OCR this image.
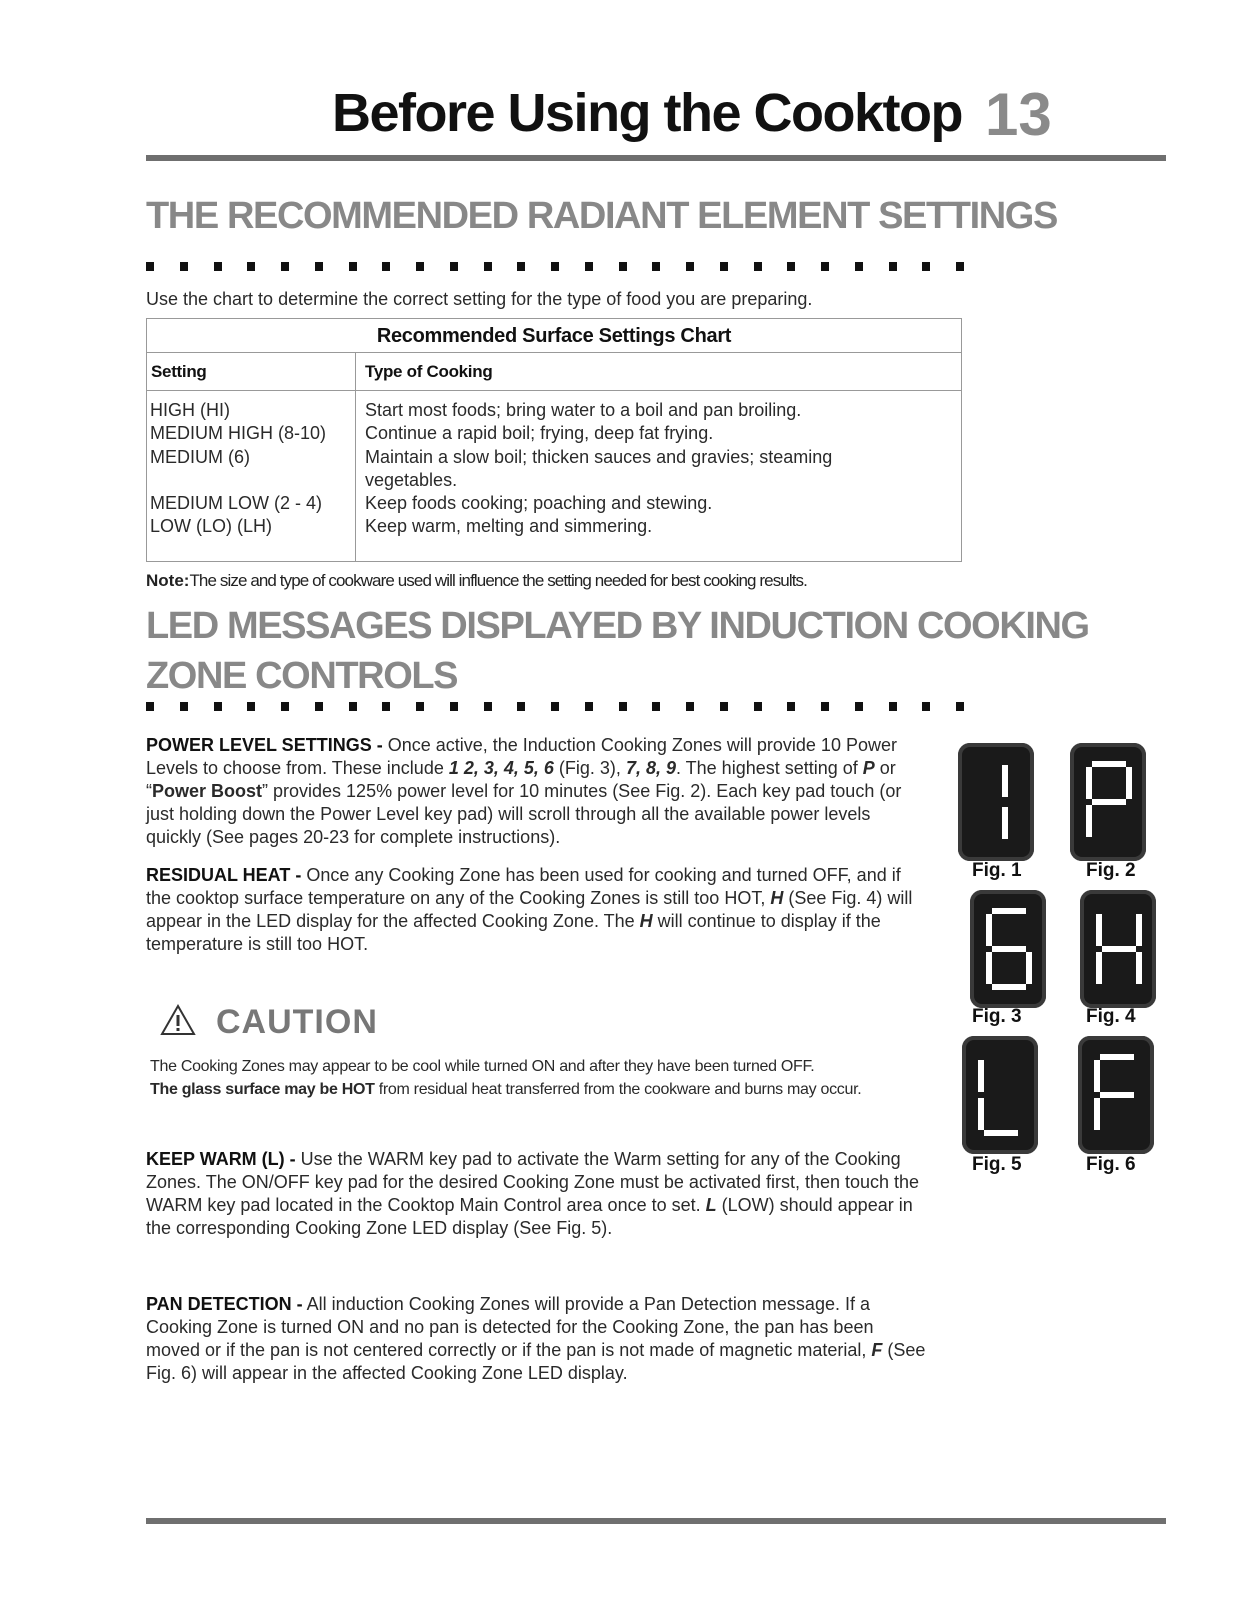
Before Using the Cooktop 13
THE RECOMMENDED RADIANT ELEMENT SETTINGS
Use the chart to determine the correct setting for the type of food you are preparing.
Recommended Surface Settings Chart
Setting	Type of Cooking
HIGH (HI)	Start most foods; bring water to a boil and pan broiling.
MEDIUM HIGH (8-10) Continue a rapid boil; frying, deep fat frying.
MEDIUM (6)	Maintain a slow boil; thicken sauces and gravies; steaming
vegetables.
MEDIUM LOW (2 - 4) Keep foods cooking; poaching and stewing.
LOW (LO) (LH)	Keep warm, melting and simmering.
Note:The size and type of cookware used will influence the setting needed for best cooking results.
LED MESSAGES DISPLAYED BY INDUCTION COOKING
ZONE CONTROLS
POWER LEVEL SETTINGS - Once active, the Induction Cooking Zones will provide 10 Power Levels to choose from. These include 1 2, 3, 4, 5, 6 (Fig. 3), 7, 8, 9. The highest setting of P or “Power Boost” provides 125% power level for 10 minutes (See Fig. 2). Each key pad touch (or just holding down the Power Level key pad) will scroll through all the available power levels quickly (See pages 20-23 for complete instructions).
RESIDUAL HEAT - Once any Cooking Zone has been used for cooking and turned OFF, and if the cooktop surface temperature on any of the Cooking Zones is still too HOT, H (See Fig. 4) will appear in the LED display for the affected Cooking Zone. The H will continue to display if the temperature is still too HOT.
CAUTION
The Cooking Zones may appear to be cool while turned ON and after they have been turned OFF.
The glass surface may be HOT from residual heat transferred from the cookware and burns may occur.
KEEP WARM (L) - Use the WARM key pad to activate the Warm setting for any of the Cooking Zones. The ON/OFF key pad for the desired Cooking Zone must be activated first, then touch the WARM key pad located in the Cooktop Main Control area once to set. L (LOW) should appear in the corresponding Cooking Zone LED display (See Fig. 5).
PAN DETECTION - All induction Cooking Zones will provide a Pan Detection message. If a Cooking Zone is turned ON and no pan is detected for the Cooking Zone, the pan has been moved or if the pan is not centered correctly or if the pan is not made of magnetic material, F (See Fig. 6) will appear in the affected Cooking Zone LED display.
Fig. 1	Fig. 2
Fig. 3	Fig. 4
Fig. 5	Fig. 6
